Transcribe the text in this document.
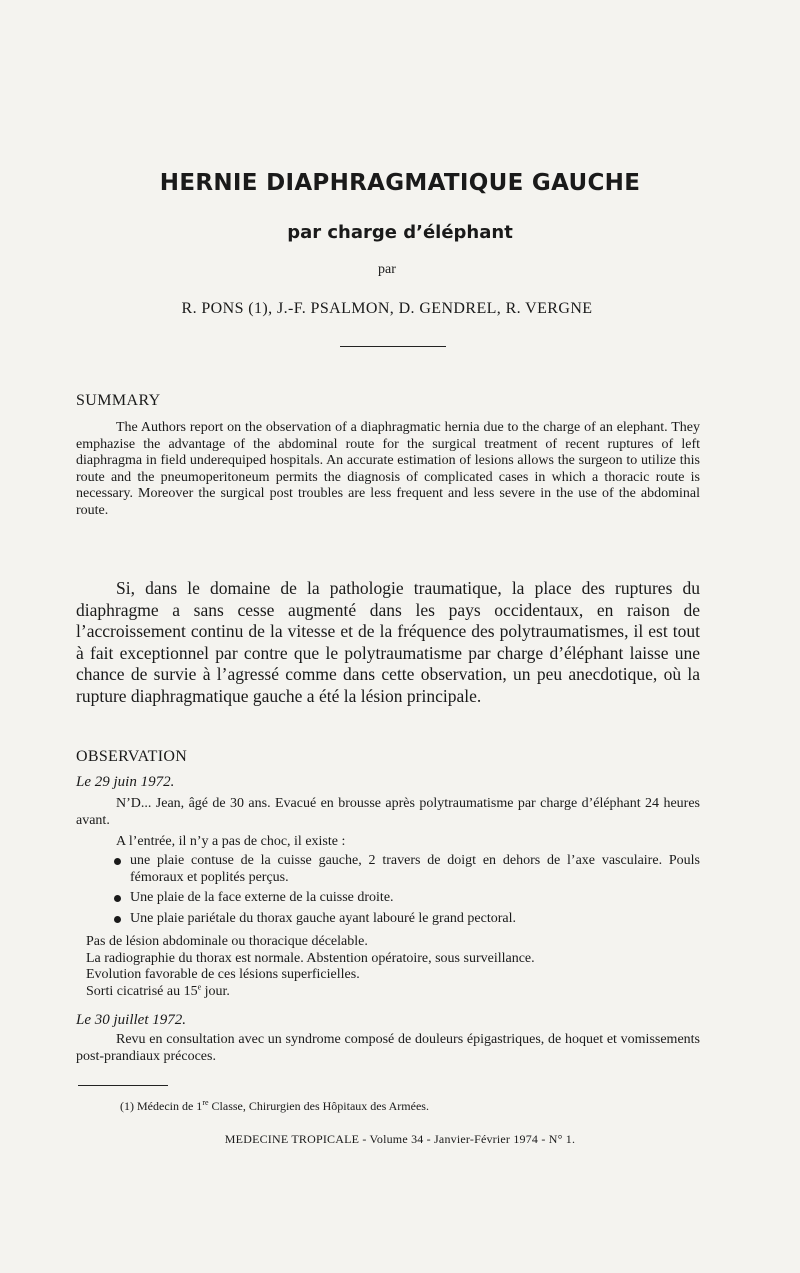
HERNIE DIAPHRAGMATIQUE GAUCHE
par charge d’éléphant
par
R. PONS (1), J.-F. PSALMON, D. GENDREL, R. VERGNE
SUMMARY
The Authors report on the observation of a diaphragmatic hernia due to the charge of an elephant. They emphazise the advantage of the abdominal route for the surgical treatment of recent ruptures of left diaphragma in field underequiped hospitals. An accurate estimation of lesions allows the surgeon to utilize this route and the pneumoperitoneum permits the diagnosis of complicated cases in which a thoracic route is necessary. Moreover the surgical post troubles are less frequent and less severe in the use of the abdominal route.
Si, dans le domaine de la pathologie traumatique, la place des ruptures du diaphragme a sans cesse augmenté dans les pays occidentaux, en raison de l’accroissement continu de la vitesse et de la fréquence des polytraumatismes, il est tout à fait exceptionnel par contre que le polytraumatisme par charge d’éléphant laisse une chance de survie à l’agressé comme dans cette observation, un peu anecdotique, où la rupture diaphragmatique gauche a été la lésion principale.
OBSERVATION
Le 29 juin 1972.
N’D... Jean, âgé de 30 ans. Evacué en brousse après polytraumatisme par charge d’éléphant 24 heures avant.
A l’entrée, il n’y a pas de choc, il existe :
une plaie contuse de la cuisse gauche, 2 travers de doigt en dehors de l’axe vasculaire. Pouls fémoraux et poplités perçus.
Une plaie de la face externe de la cuisse droite.
Une plaie pariétale du thorax gauche ayant labouré le grand pectoral.
Pas de lésion abdominale ou thoracique décelable.
La radiographie du thorax est normale. Abstention opératoire, sous surveillance.
Evolution favorable de ces lésions superficielles.
Sorti cicatrisé au 15e jour.
Le 30 juillet 1972.
Revu en consultation avec un syndrome composé de douleurs épigastriques, de hoquet et vomissements post-prandiaux précoces.
(1) Médecin de 1re Classe, Chirurgien des Hôpitaux des Armées.
MEDECINE TROPICALE - Volume 34 - Janvier-Février 1974 - N° 1.
